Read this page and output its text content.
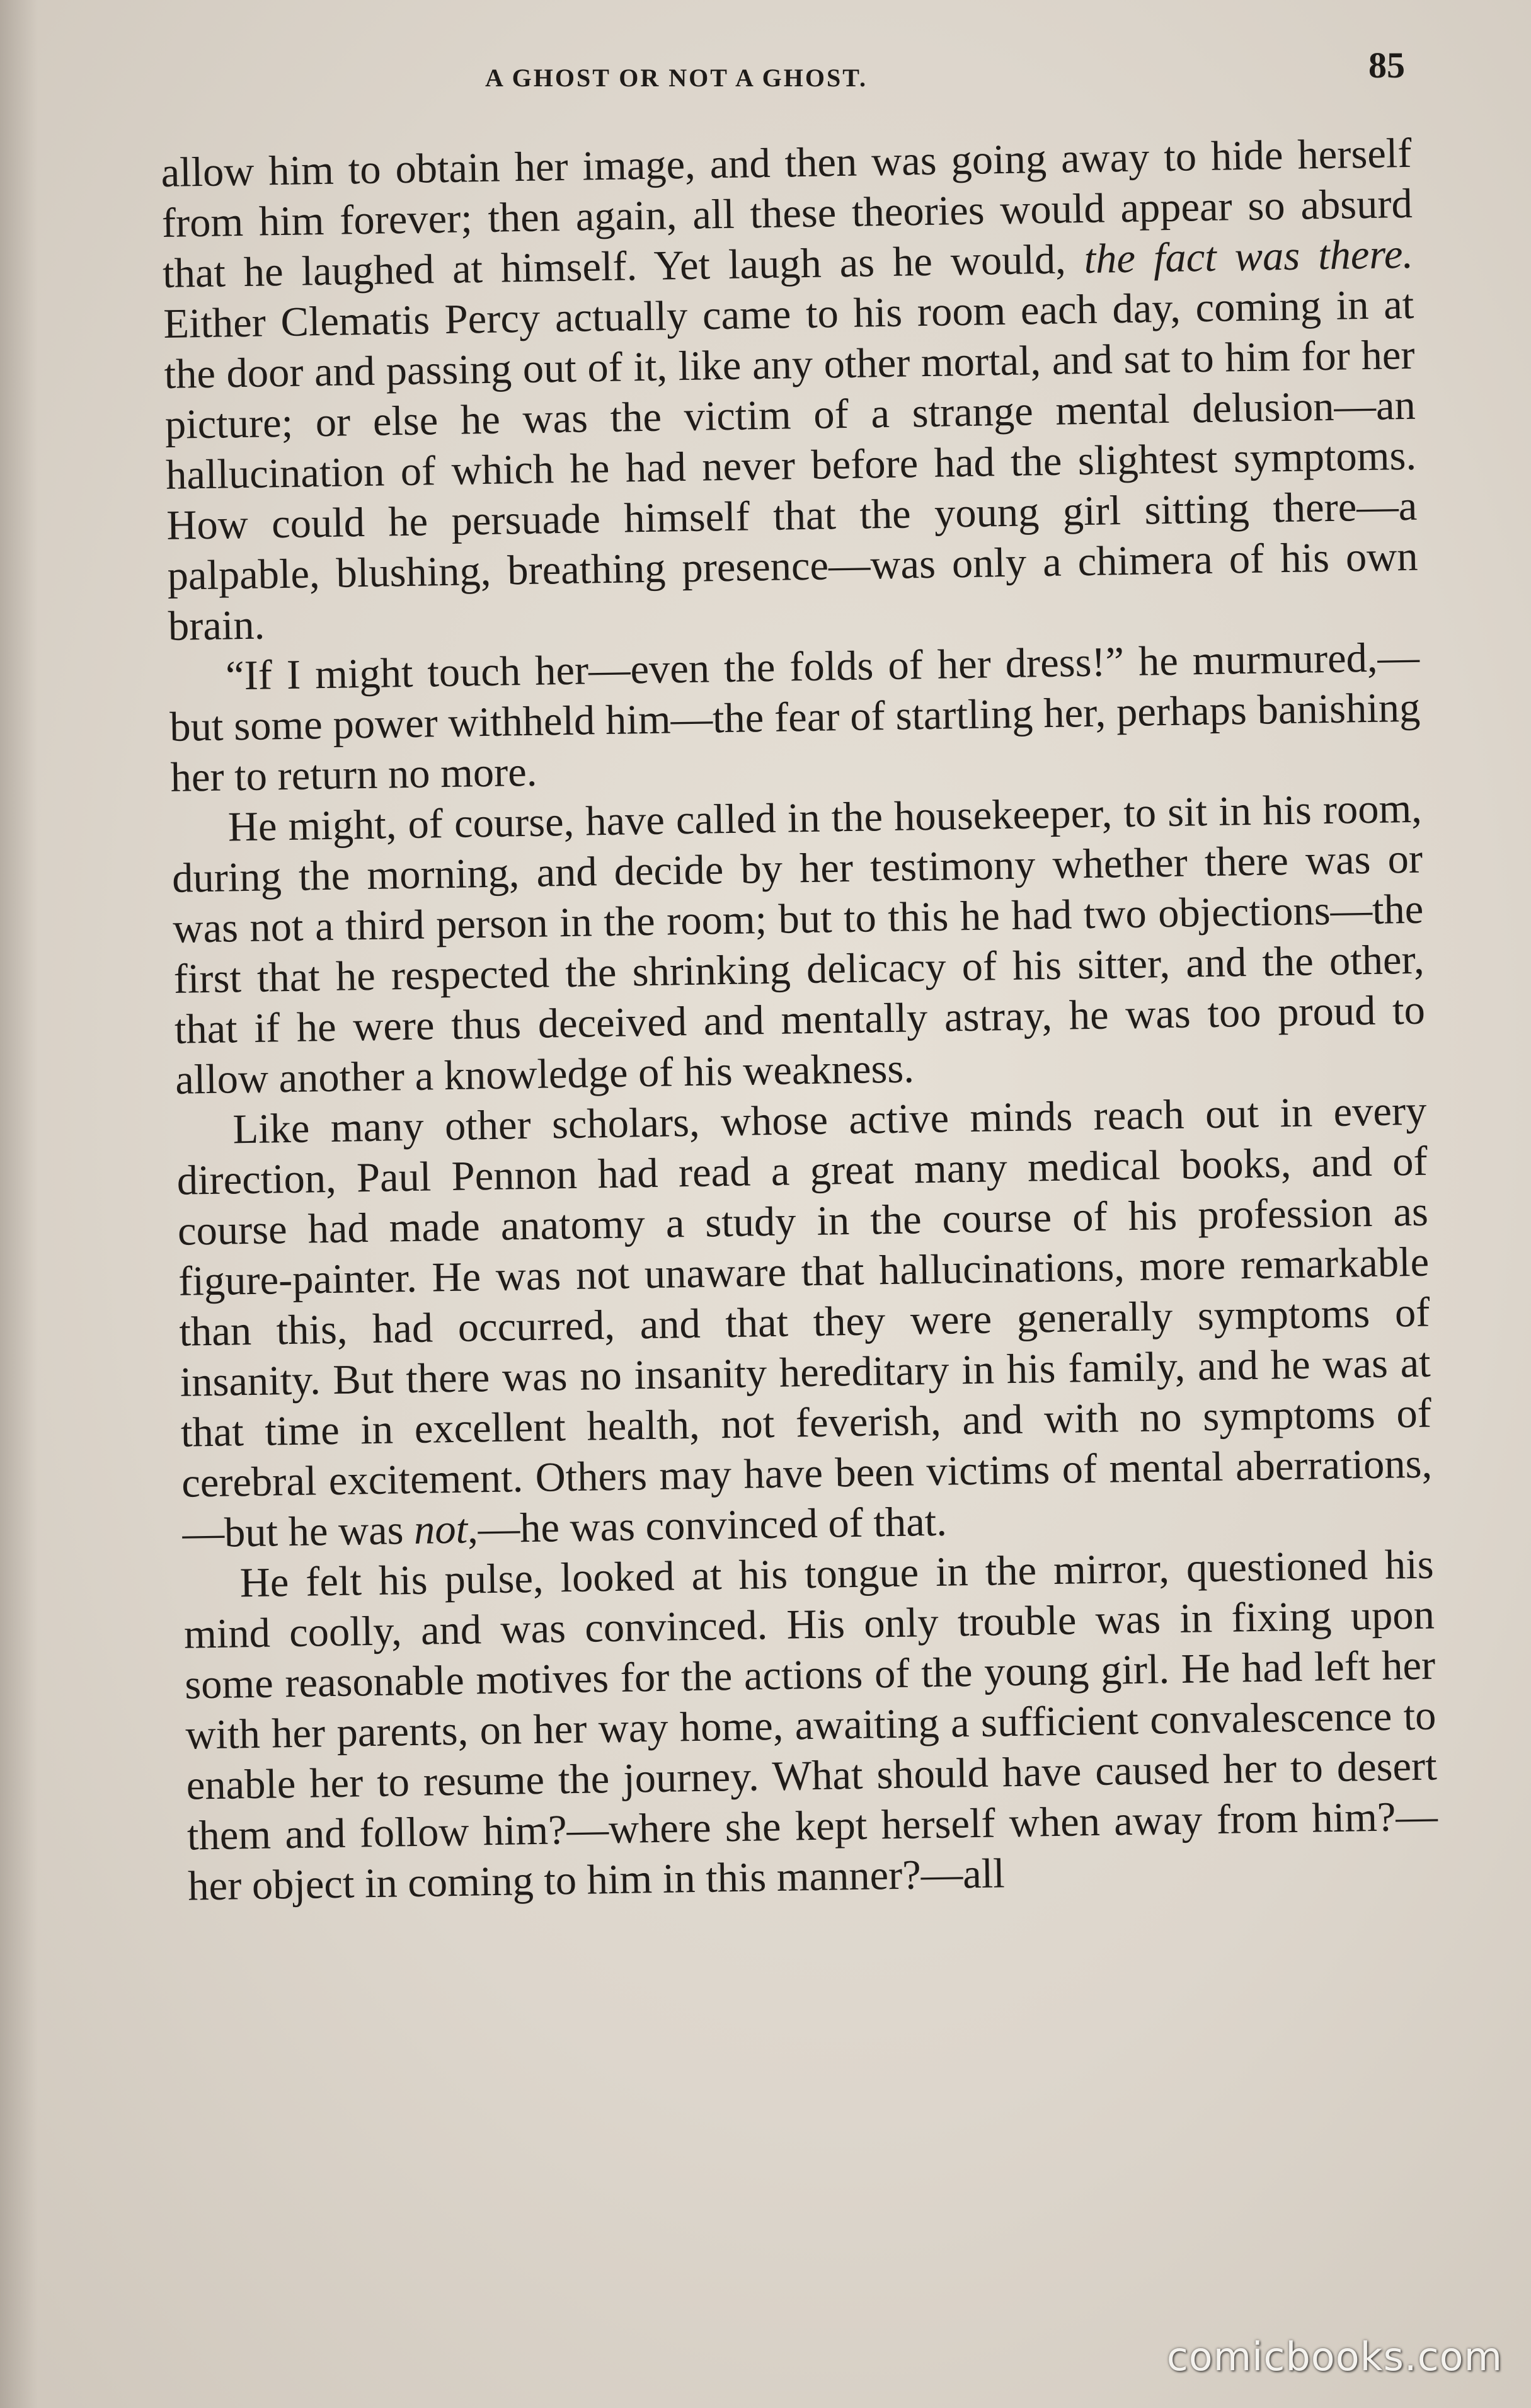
A GHOST OR NOT A GHOST.	85

allow him to obtain her image, and then was going away to hide herself from him forever; then again, all these theories would appear so absurd that he laughed at himself. Yet laugh as he would, the fact was there. Either Clematis Percy actually came to his room each day, coming in at the door and passing out of it, like any other mortal, and sat to him for her picture; or else he was the victim of a strange mental delusion—an hallucination of which he had never before had the slightest symptoms. How could he persuade himself that the young girl sitting there—a palpable, blushing, breathing presence—was only a chimera of his own brain.

“If I might touch her—even the folds of her dress!” he murmured,—but some power withheld him—the fear of startling her, perhaps banishing her to return no more.

He might, of course, have called in the housekeeper, to sit in his room, during the morning, and decide by her testimony whether there was or was not a third person in the room; but to this he had two objections—the first that he respected the shrinking delicacy of his sitter, and the other, that if he were thus deceived and mentally astray, he was too proud to allow another a knowledge of his weakness.

Like many other scholars, whose active minds reach out in every direction, Paul Pennon had read a great many medical books, and of course had made anatomy a study in the course of his profession as figure-painter. He was not unaware that hallucinations, more remarkable than this, had occurred, and that they were generally symptoms of insanity. But there was no insanity hereditary in his family, and he was at that time in excellent health, not feverish, and with no symptoms of cerebral excitement. Others may have been victims of mental aberrations,—but he was not,—he was convinced of that.

He felt his pulse, looked at his tongue in the mirror, questioned his mind coolly, and was convinced. His only trouble was in fixing upon some reasonable motives for the actions of the young girl. He had left her with her parents, on her way home, awaiting a sufficient convalescence to enable her to resume the journey. What should have caused her to desert them and follow him?—where she kept herself when away from him?—her object in coming to him in this manner?—all

comicbooks.com
